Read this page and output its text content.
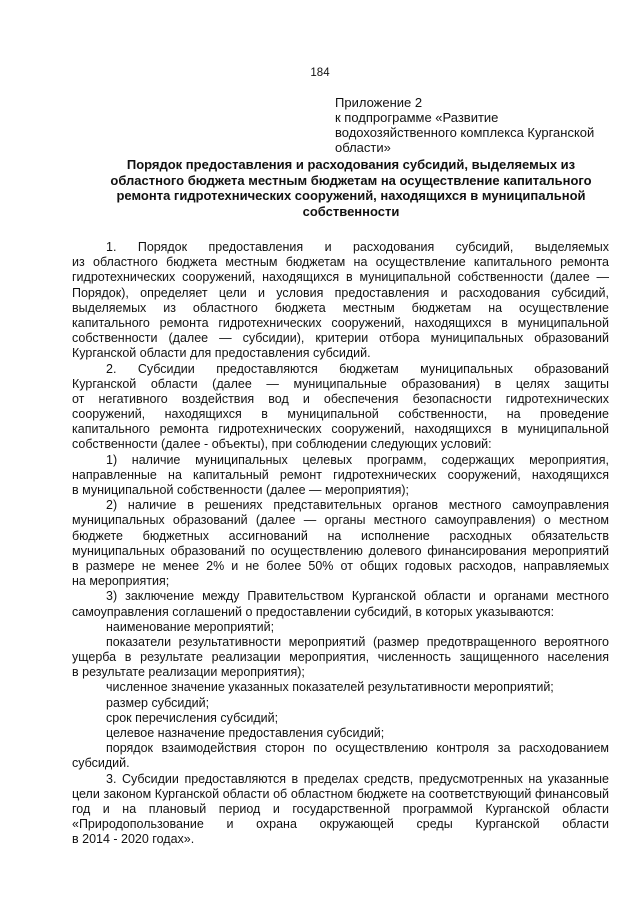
184
Приложение 2
к подпрограмме «Развитие
водохозяйственного комплекса Курганской
области»
Порядок предоставления и расходования субсидий, выделяемых из
областного бюджета местным бюджетам на осуществление капитального
ремонта гидротехнических сооружений, находящихся в муниципальной
собственности
1. Порядок предоставления и расходования субсидий, выделяемых
из областного бюджета местным бюджетам на осуществление капитального ремонта
гидротехнических сооружений, находящихся в муниципальной собственности (далее —
Порядок), определяет цели и условия предоставления и расходования субсидий,
выделяемых из областного бюджета местным бюджетам на осуществление
капитального ремонта гидротехнических сооружений, находящихся в муниципальной
собственности (далее — субсидии), критерии отбора муниципальных образований
Курганской области для предоставления субсидий.
2. Субсидии предоставляются бюджетам муниципальных образований
Курганской области (далее — муниципальные образования) в целях защиты
от негативного воздействия вод и обеспечения безопасности гидротехнических
сооружений, находящихся в муниципальной собственности, на проведение
капитального ремонта гидротехнических сооружений, находящихся в муниципальной
собственности (далее - объекты), при соблюдении следующих условий:
1) наличие муниципальных целевых программ, содержащих мероприятия,
направленные на капитальный ремонт гидротехнических сооружений, находящихся
в муниципальной собственности (далее — мероприятия);
2) наличие в решениях представительных органов местного самоуправления
муниципальных образований (далее — органы местного самоуправления) о местном
бюджете бюджетных ассигнований на исполнение расходных обязательств
муниципальных образований по осуществлению долевого финансирования мероприятий
в размере не менее 2% и не более 50% от общих годовых расходов, направляемых
на мероприятия;
3) заключение между Правительством Курганской области и органами местного
самоуправления соглашений о предоставлении субсидий, в которых указываются:
наименование мероприятий;
показатели результативности мероприятий (размер предотвращенного вероятного
ущерба в результате реализации мероприятия, численность защищенного населения
в результате реализации мероприятия);
численное значение указанных показателей результативности мероприятий;
размер субсидий;
срок перечисления субсидий;
целевое назначение предоставления субсидий;
порядок взаимодействия сторон по осуществлению контроля за расходованием
субсидий.
3. Субсидии предоставляются в пределах средств, предусмотренных на указанные
цели законом Курганской области об областном бюджете на соответствующий финансовый
год и на плановый период и государственной программой Курганской области
«Природопользование и охрана окружающей среды Курганской области
в 2014 - 2020 годах».
